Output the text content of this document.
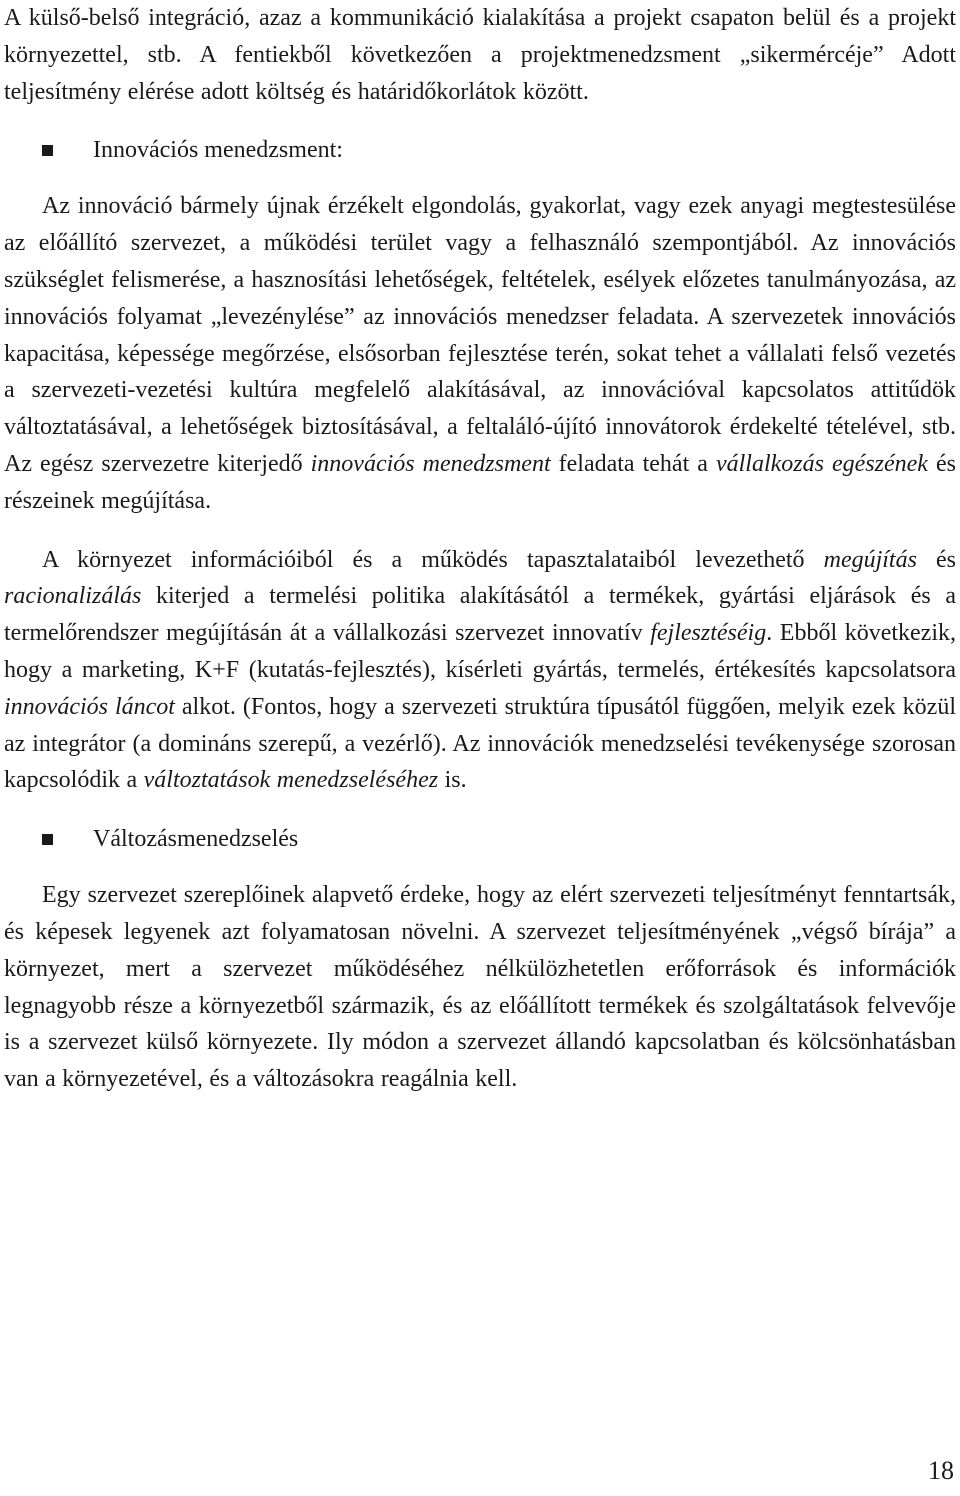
A külső-belső integráció, azaz a kommunikáció kialakítása a projekt csapaton belül és a projekt környezettel, stb. A fentiekből következően a projektmenedzsment „sikermércéje” Adott teljesítmény elérése adott költség és határidőkorlátok között.

Innovációs menedzsment:

Az innováció bármely újnak érzékelt elgondolás, gyakorlat, vagy ezek anyagi megtestesülése az előállító szervezet, a működési terület vagy a felhasználó szempontjából. Az innovációs szükséglet felismerése, a hasznosítási lehetőségek, feltételek, esélyek előzetes tanulmányozása, az innovációs folyamat „levezénylése” az innovációs menedzser feladata. A szervezetek innovációs kapacitása, képessége megőrzése, elsősorban fejlesztése terén, sokat tehet a vállalati felső vezetés a szervezeti-vezetési kultúra megfelelő alakításával, az innovációval kapcsolatos attitűdök változtatásával, a lehetőségek biztosításával, a feltaláló-újító innovátorok érdekelté tételével, stb. Az egész szervezetre kiterjedő innovációs menedzsment feladata tehát a vállalkozás egészének és részeinek megújítása.

A környezet információiból és a működés tapasztalataiból levezethető megújítás és racionalizálás kiterjed a termelési politika alakításától a termékek, gyártási eljárások és a termelőrendszer megújításán át a vállalkozási szervezet innovatív fejlesztéséig. Ebből következik, hogy a marketing, K+F (kutatás-fejlesztés), kísérleti gyártás, termelés, értékesítés kapcsolatsora innovációs láncot alkot. (Fontos, hogy a szervezeti struktúra típusától függően, melyik ezek közül az integrátor (a domináns szerepű, a vezérlő). Az innovációk menedzselési tevékenysége szorosan kapcsolódik a változtatások menedzseléséhez is.

Változásmenedzselés

Egy szervezet szereplőinek alapvető érdeke, hogy az elért szervezeti teljesítményt fenntartsák, és képesek legyenek azt folyamatosan növelni. A szervezet teljesítményének „végső bírája” a környezet, mert a szervezet működéséhez nélkülözhetetlen erőforrások és információk legnagyobb része a környezetből származik, és az előállított termékek és szolgáltatások felvevője is a szervezet külső környezete. Ily módon a szervezet állandó kapcsolatban és kölcsönhatásban van a környezetével, és a változásokra reagálnia kell.

18
